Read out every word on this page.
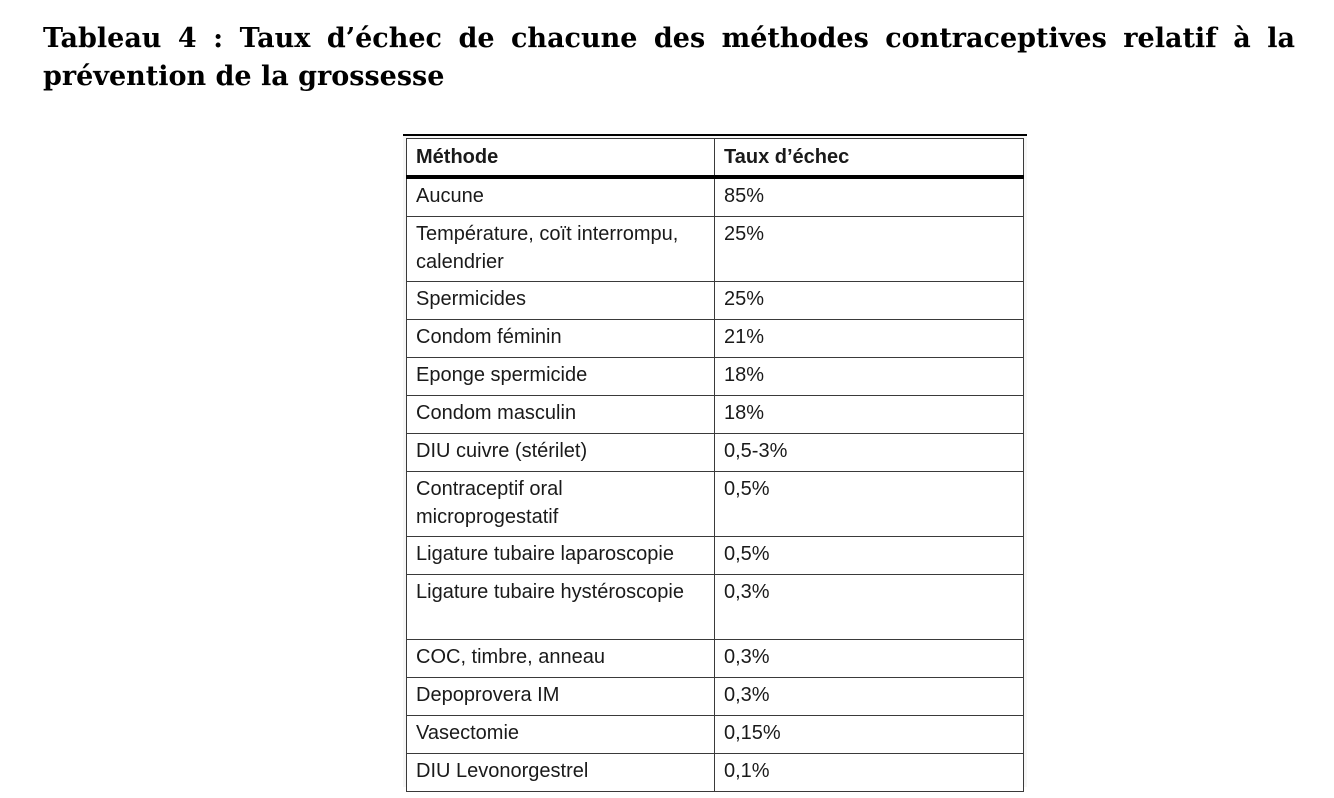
Tableau 4 : Taux d’échec de chacune des méthodes contraceptives relatif à la prévention de la grossesse

Méthode	Taux d’échec
Aucune	85%
Température, coït interrompu, calendrier	25%
Spermicides	25%
Condom féminin	21%
Eponge spermicide	18%
Condom masculin	18%
DIU cuivre (stérilet)	0,5-3%
Contraceptif oral microprogestatif	0,5%
Ligature tubaire laparoscopie	0,5%
Ligature tubaire hystéroscopie	0,3%
COC, timbre, anneau	0,3%
Depoprovera IM	0,3%
Vasectomie	0,15%
DIU Levonorgestrel	0,1%
